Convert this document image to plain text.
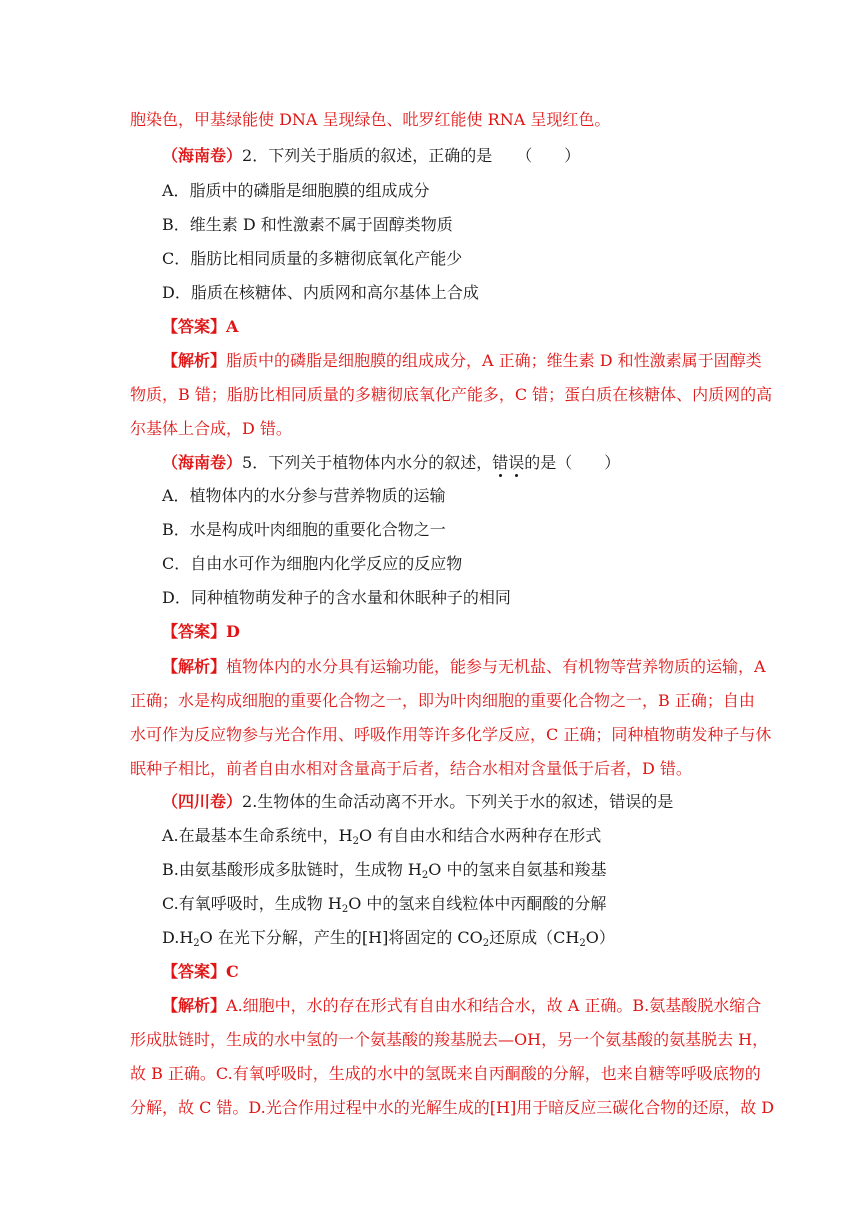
胞染色，甲基绿能使 DNA 呈现绿色、吡罗红能使 RNA 呈现红色。
（海南卷）2．下列关于脂质的叙述，正确的是　　（　　）
A．脂质中的磷脂是细胞膜的组成成分
B．维生素 D 和性激素不属于固醇类物质
C．脂肪比相同质量的多糖彻底氧化产能少
D．脂质在核糖体、内质网和高尔基体上合成
【答案】A
【解析】脂质中的磷脂是细胞膜的组成成分，A 正确；维生素 D 和性激素属于固醇类
物质，B 错；脂肪比相同质量的多糖彻底氧化产能多，C 错；蛋白质在核糖体、内质网的高
尔基体上合成，D 错。
（海南卷）5．下列关于植物体内水分的叙述，错误的是（　　）
A．植物体内的水分参与营养物质的运输
B．水是构成叶肉细胞的重要化合物之一
C．自由水可作为细胞内化学反应的反应物
D．同种植物萌发种子的含水量和休眠种子的相同
【答案】D
【解析】植物体内的水分具有运输功能，能参与无机盐、有机物等营养物质的运输，A
正确；水是构成细胞的重要化合物之一，即为叶肉细胞的重要化合物之一，B 正确；自由
水可作为反应物参与光合作用、呼吸作用等许多化学反应，C 正确；同种植物萌发种子与休
眠种子相比，前者自由水相对含量高于后者，结合水相对含量低于后者，D 错。
（四川卷）2.生物体的生命活动离不开水。下列关于水的叙述，错误的是
A.在最基本生命系统中，$H_2O$ 有自由水和结合水两种存在形式
B.由氨基酸形成多肽链时，生成物 $H_2O$ 中的氢来自氨基和羧基
C.有氧呼吸时，生成物 $H_2O$ 中的氢来自线粒体中丙酮酸的分解
$D.H_2O$ 在光下分解，产生的[H]将固定的 $CO_2$还原成$(CH_2O)$
【答案】C
【解析】A.细胞中，水的存在形式有自由水和结合水，故 A 正确。B.氨基酸脱水缩合
形成肽链时，生成的水中氢的一个氨基酸的羧基脱去—OH，另一个氨基酸的氨基脱去 H，
故 B 正确。C.有氧呼吸时，生成的水中的氢既来自丙酮酸的分解，也来自糖等呼吸底物的
分解，故 C 错。D.光合作用过程中水的光解生成的[H]用于暗反应三碳化合物的还原，故 D
